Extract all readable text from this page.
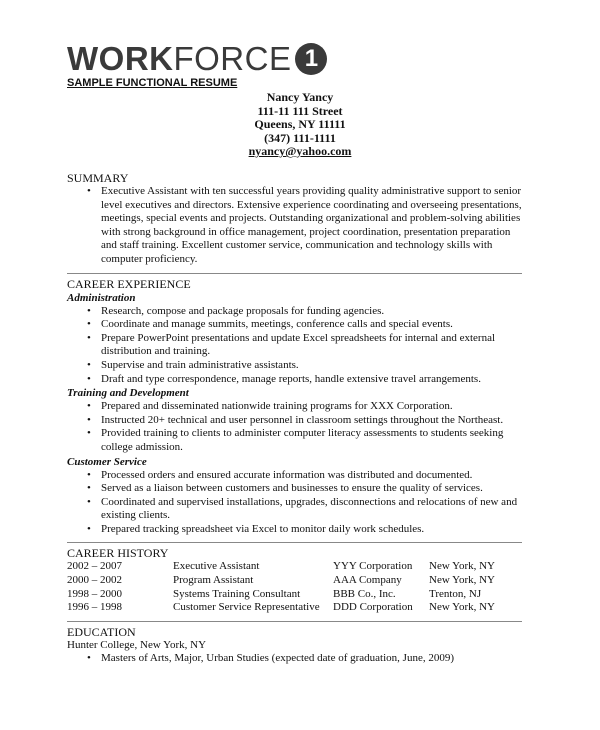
WORK FORCE 1
SAMPLE FUNCTIONAL RESUME
Nancy Yancy
111-11 111 Street
Queens, NY 11111
(347) 111-1111
nyancy@yahoo.com
SUMMARY
• Executive Assistant with ten successful years providing quality administrative support to senior level executives and directors. Extensive experience coordinating and overseeing presentations, meetings, special events and projects. Outstanding organizational and problem-solving abilities with strong background in office management, project coordination, presentation preparation and staff training. Excellent customer service, communication and technology skills with computer proficiency.
CAREER EXPERIENCE
Administration
• Research, compose and package proposals for funding agencies.
• Coordinate and manage summits, meetings, conference calls and special events.
• Prepare PowerPoint presentations and update Excel spreadsheets for internal and external distribution and training.
• Supervise and train administrative assistants.
• Draft and type correspondence, manage reports, handle extensive travel arrangements.
Training and Development
• Prepared and disseminated nationwide training programs for XXX Corporation.
• Instructed 20+ technical and user personnel in classroom settings throughout the Northeast.
• Provided training to clients to administer computer literacy assessments to students seeking college admission.
Customer Service
• Processed orders and ensured accurate information was distributed and documented.
• Served as a liaison between customers and businesses to ensure the quality of services.
• Coordinated and supervised installations, upgrades, disconnections and relocations of new and existing clients.
• Prepared tracking spreadsheet via Excel to monitor daily work schedules.
CAREER HISTORY
2002 – 2007	Executive Assistant	YYY Corporation	New York, NY
2000 – 2002	Program Assistant	AAA Company	New York, NY
1998 – 2000	Systems Training Consultant	BBB Co., Inc.	Trenton, NJ
1996 – 1998	Customer Service Representative	DDD Corporation	New York, NY
EDUCATION
Hunter College, New York, NY
• Masters of Arts, Major, Urban Studies (expected date of graduation, June, 2009)
